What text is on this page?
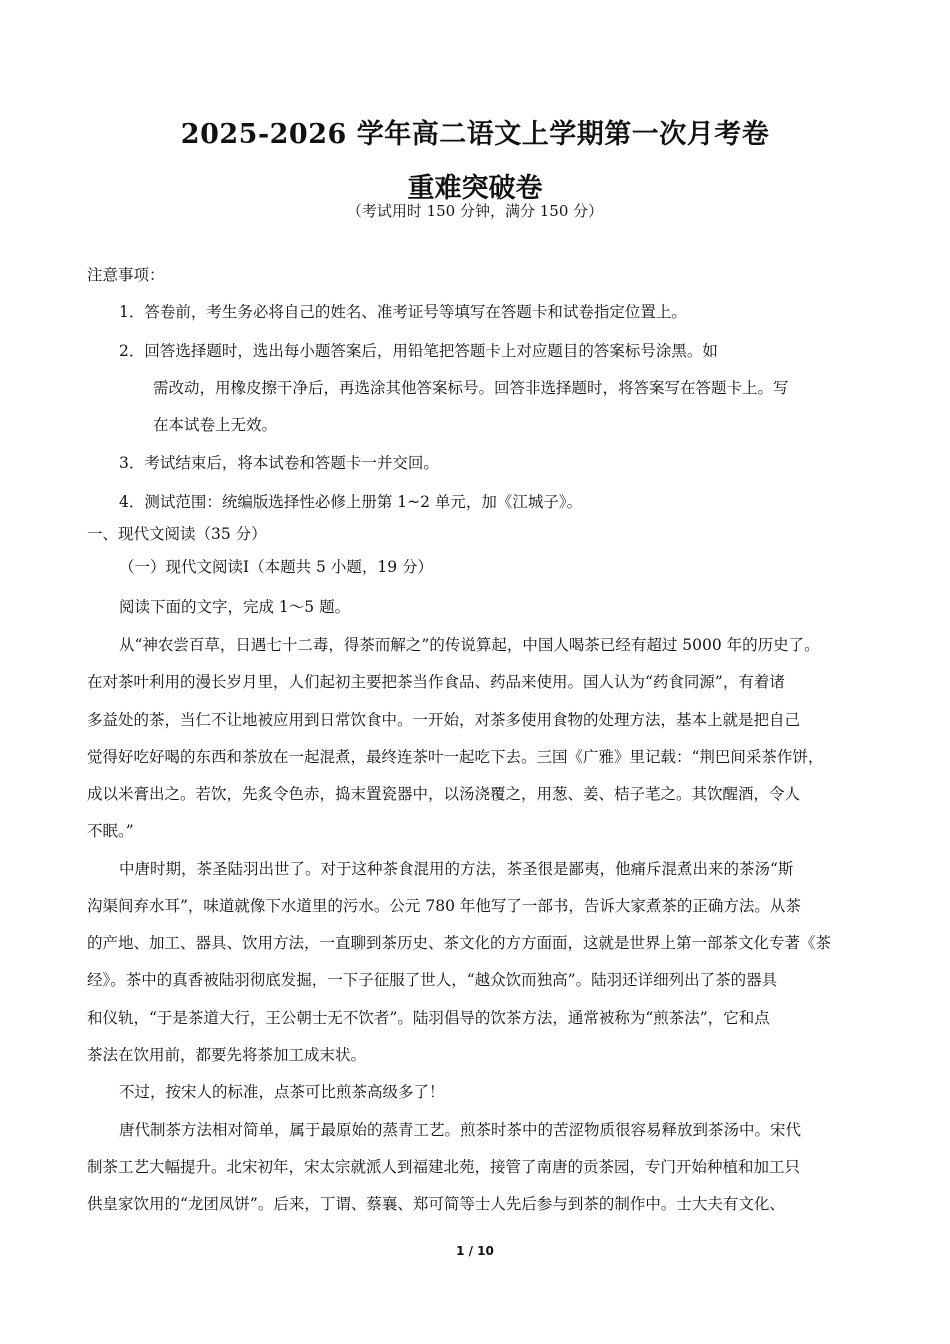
2025-2026 学年高二语文上学期第一次月考卷
重难突破卷
（考试用时 150 分钟，满分 150 分）
注意事项：
1．答卷前，考生务必将自己的姓名、准考证号等填写在答题卡和试卷指定位置上。
2．回答选择题时，选出每小题答案后，用铅笔把答题卡上对应题目的答案标号涂黑。如
需改动，用橡皮擦干净后，再选涂其他答案标号。回答非选择题时，将答案写在答题卡上。写
在本试卷上无效。
3．考试结束后，将本试卷和答题卡一并交回。
4．测试范围：统编版选择性必修上册第 1~2 单元，加《江城子》。
一、现代文阅读（35 分）
（一）现代文阅读Ⅰ（本题共 5 小题，19 分）
阅读下面的文字，完成 1～5 题。
从“神农尝百草，日遇七十二毒，得茶而解之”的传说算起，中国人喝茶已经有超过 5000 年的历史了。
在对茶叶利用的漫长岁月里，人们起初主要把茶当作食品、药品来使用。国人认为“药食同源”，有着诸
多益处的茶，当仁不让地被应用到日常饮食中。一开始，对茶多使用食物的处理方法，基本上就是把自己
觉得好吃好喝的东西和茶放在一起混煮，最终连茶叶一起吃下去。三国《广雅》里记载：“荆巴间采茶作饼，
成以米膏出之。若饮，先炙令色赤，捣末置瓷器中，以汤浇覆之，用葱、姜、桔子芼之。其饮醒酒，令人
不眠。”
中唐时期，茶圣陆羽出世了。对于这种茶食混用的方法，茶圣很是鄙夷，他痛斥混煮出来的茶汤“斯
沟渠间弃水耳”，味道就像下水道里的污水。公元 780 年他写了一部书，告诉大家煮茶的正确方法。从茶
的产地、加工、器具、饮用方法，一直聊到茶历史、茶文化的方方面面，这就是世界上第一部茶文化专著《茶
经》。茶中的真香被陆羽彻底发掘，一下子征服了世人，“越众饮而独高”。陆羽还详细列出了茶的器具
和仪轨，“于是茶道大行，王公朝士无不饮者”。陆羽倡导的饮茶方法，通常被称为“煎茶法”，它和点
茶法在饮用前，都要先将茶加工成末状。
不过，按宋人的标准，点茶可比煎茶高级多了！
唐代制茶方法相对简单，属于最原始的蒸青工艺。煎茶时茶中的苦涩物质很容易释放到茶汤中。宋代
制茶工艺大幅提升。北宋初年，宋太宗就派人到福建北苑，接管了南唐的贡茶园，专门开始种植和加工只
供皇家饮用的“龙团凤饼”。后来，丁谓、蔡襄、郑可简等士人先后参与到茶的制作中。士大夫有文化、
1 / 10
